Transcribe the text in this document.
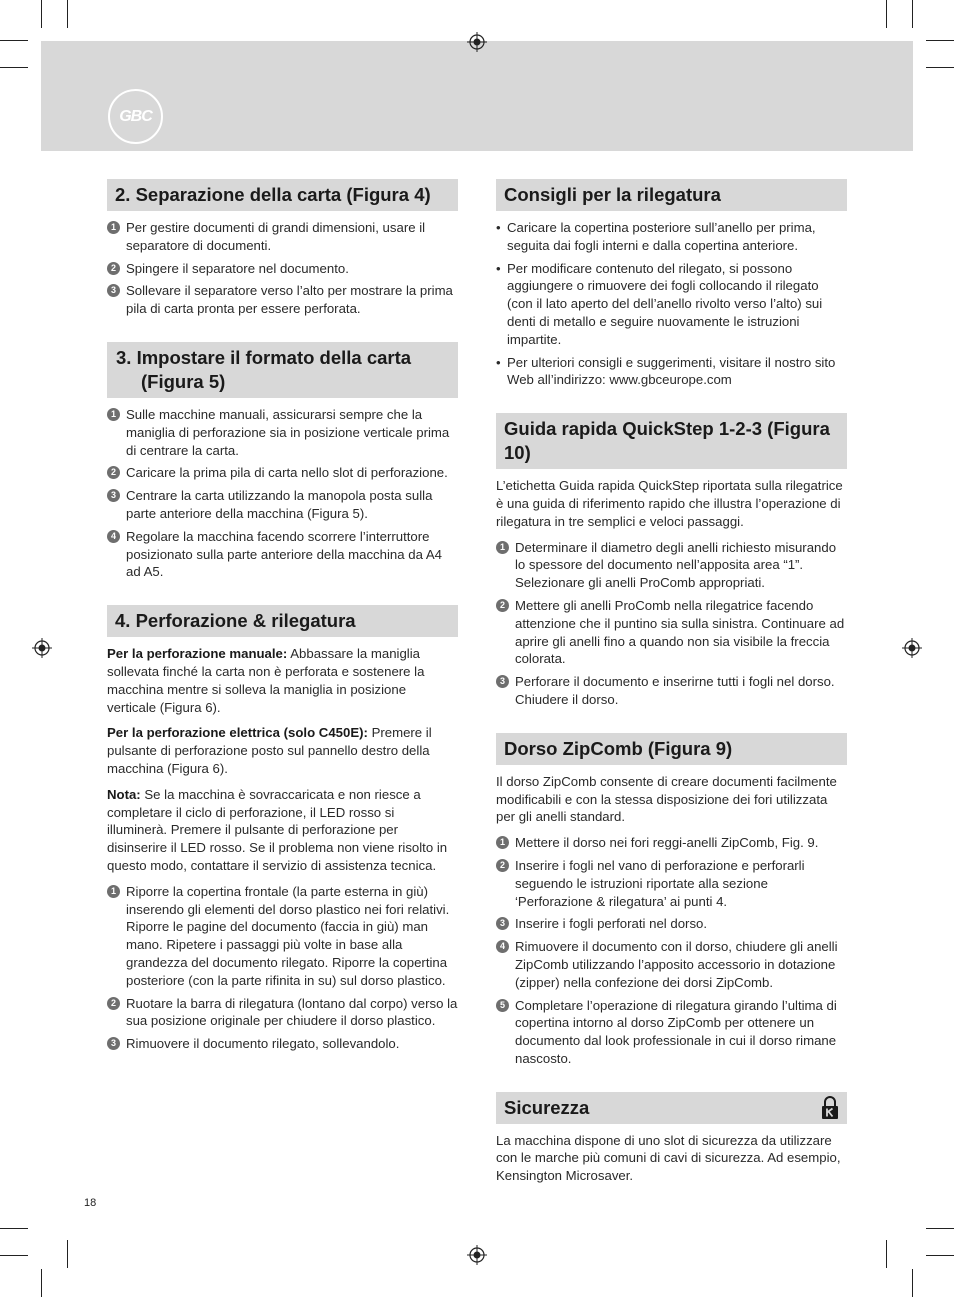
GBC
2. Separazione della carta (Figura 4)
1 Per gestire documenti di grandi dimensioni, usare il separatore di documenti.
2 Spingere il separatore nel documento.
3 Sollevare il separatore verso l’alto per mostrare la prima pila di carta pronta per essere perforata.
3. Impostare il formato della carta (Figura 5)
1 Sulle macchine manuali, assicurarsi sempre che la maniglia di perforazione sia in posizione verticale prima di centrare la carta.
2 Caricare la prima pila di carta nello slot di perforazione.
3 Centrare la carta utilizzando la manopola posta sulla parte anteriore della macchina (Figura 5).
4 Regolare la macchina facendo scorrere l’interruttore posizionato sulla parte anteriore della macchina da A4 ad A5.
4. Perforazione & rilegatura

Per la perforazione manuale: Abbassare la maniglia sollevata finché la carta non è perforata e sostenere la macchina mentre si solleva la maniglia in posizione verticale (Figura 6).

Per la perforazione elettrica (solo C450E): Premere il pulsante di perforazione posto sul pannello destro della macchina (Figura 6).

Nota: Se la macchina è sovraccaricata e non riesce a completare il ciclo di perforazione, il LED rosso si illuminerà. Premere il pulsante di perforazione per disinserire il LED rosso. Se il problema non viene risolto in questo modo, contattare il servizio di assistenza tecnica.

1 Riporre la copertina frontale (la parte esterna in giù) inserendo gli elementi del dorso plastico nei fori relativi. Riporre le pagine del documento (faccia in giù) man mano. Ripetere i passaggi più volte in base alla grandezza del documento rilegato. Riporre la copertina posteriore (con la parte rifinita in su) sul dorso plastico.
2 Ruotare la barra di rilegatura (lontano dal corpo) verso la sua posizione originale per chiudere il dorso plastico.
3 Rimuovere il documento rilegato, sollevandolo.
Consigli per la rilegatura
• Caricare la copertina posteriore sull’anello per prima, seguita dai fogli interni e dalla copertina anteriore.
• Per modificare contenuto del rilegato, si possono aggiungere o rimuovere dei fogli collocando il rilegato (con il lato aperto del dell’anello rivolto verso l’alto) sui denti di metallo e seguire nuovamente le istruzioni impartite.
• Per ulteriori consigli e suggerimenti, visitare il nostro sito Web all’indirizzo: www.gbceurope.com
Guida rapida QuickStep 1-2-3 (Figura 10)

L’etichetta Guida rapida QuickStep riportata sulla rilegatrice è una guida di riferimento rapido che illustra l’operazione di rilegatura in tre semplici e veloci passaggi.

1 Determinare il diametro degli anelli richiesto misurando lo spessore del documento nell’apposita area “1”. Selezionare gli anelli ProComb appropriati.
2 Mettere gli anelli ProComb nella rilegatrice facendo attenzione che il puntino sia sulla sinistra. Continuare ad aprire gli anelli fino a quando non sia visibile la freccia colorata.
3 Perforare il documento e inserirne tutti i fogli nel dorso. Chiudere il dorso.
Dorso ZipComb (Figura 9)

Il dorso ZipComb consente di creare documenti facilmente modificabili e con la stessa disposizione dei fori utilizzata per gli anelli standard.

1 Mettere il dorso nei fori reggi-anelli ZipComb, Fig. 9.
2 Inserire i fogli nel vano di perforazione e perforarli seguendo le istruzioni riportate alla sezione ‘Perforazione & rilegatura’ ai punti 4.
3 Inserire i fogli perforati nel dorso.
4 Rimuovere il documento con il dorso, chiudere gli anelli ZipComb utilizzando l’apposito accessorio in dotazione (zipper) nella confezione dei dorsi ZipComb.
5 Completare l’operazione di rilegatura girando l’ultima di copertina intorno al dorso ZipComb per ottenere un documento dal look professionale in cui il dorso rimane nascosto.
Sicurezza

La macchina dispone di uno slot di sicurezza da utilizzare con le marche più comuni di cavi di sicurezza. Ad esempio, Kensington Microsaver.

18
